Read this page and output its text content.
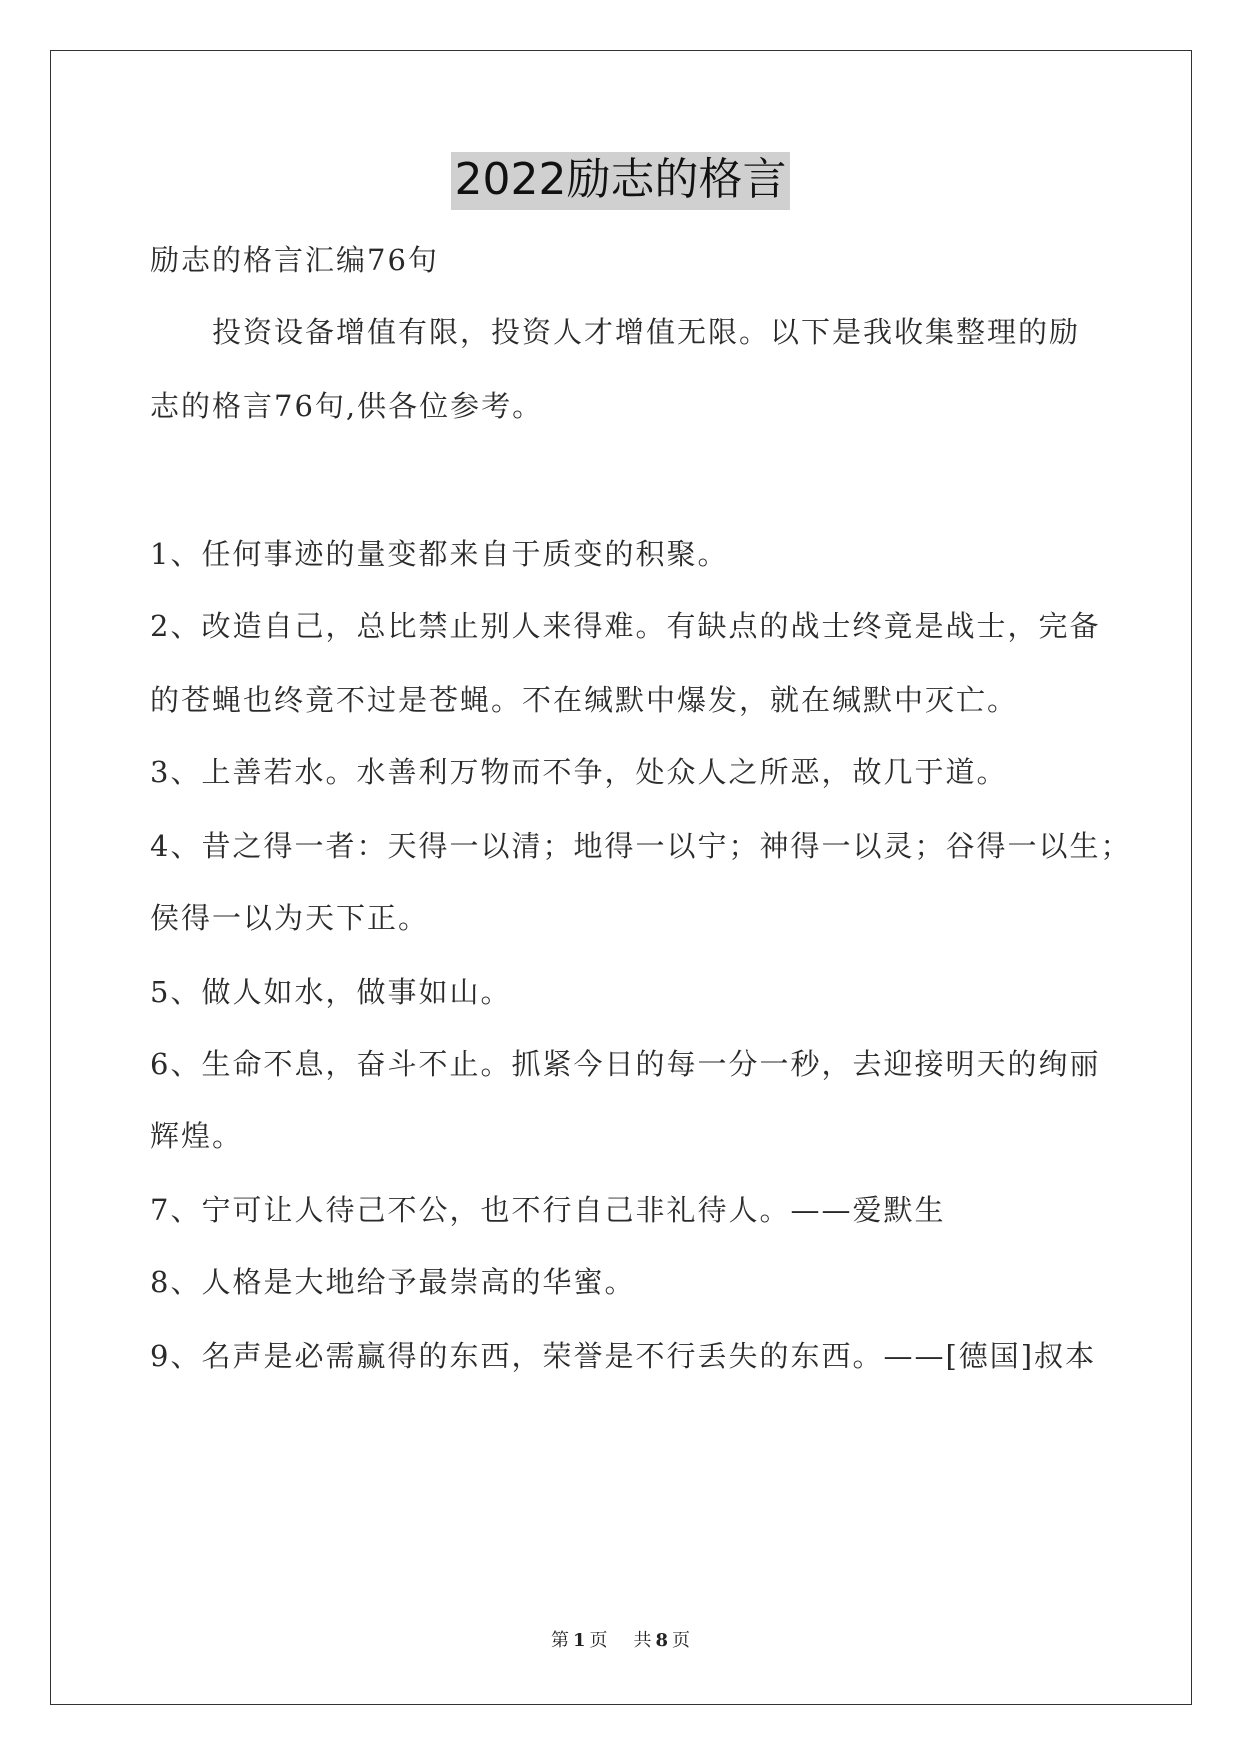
2022励志的格言
励志的格言汇编76句
投资设备增值有限，投资人才增值无限。以下是我收集整理的励
志的格言76句,供各位参考。
1、任何事迹的量变都来自于质变的积聚。
2、改造自己，总比禁止别人来得难。有缺点的战士终竟是战士，完备
的苍蝇也终竟不过是苍蝇。不在缄默中爆发，就在缄默中灭亡。
3、上善若水。水善利万物而不争，处众人之所恶，故几于道。
4、昔之得一者：天得一以清；地得一以宁；神得一以灵；谷得一以生；
侯得一以为天下正。
5、做人如水，做事如山。
6、生命不息，奋斗不止。抓紧今日的每一分一秒，去迎接明天的绚丽
辉煌。
7、宁可让人待己不公，也不行自己非礼待人。——爱默生
8、人格是大地给予最崇高的华蜜。
9、名声是必需赢得的东西，荣誉是不行丢失的东西。——[德国]叔本
第 1 页 共 8 页
